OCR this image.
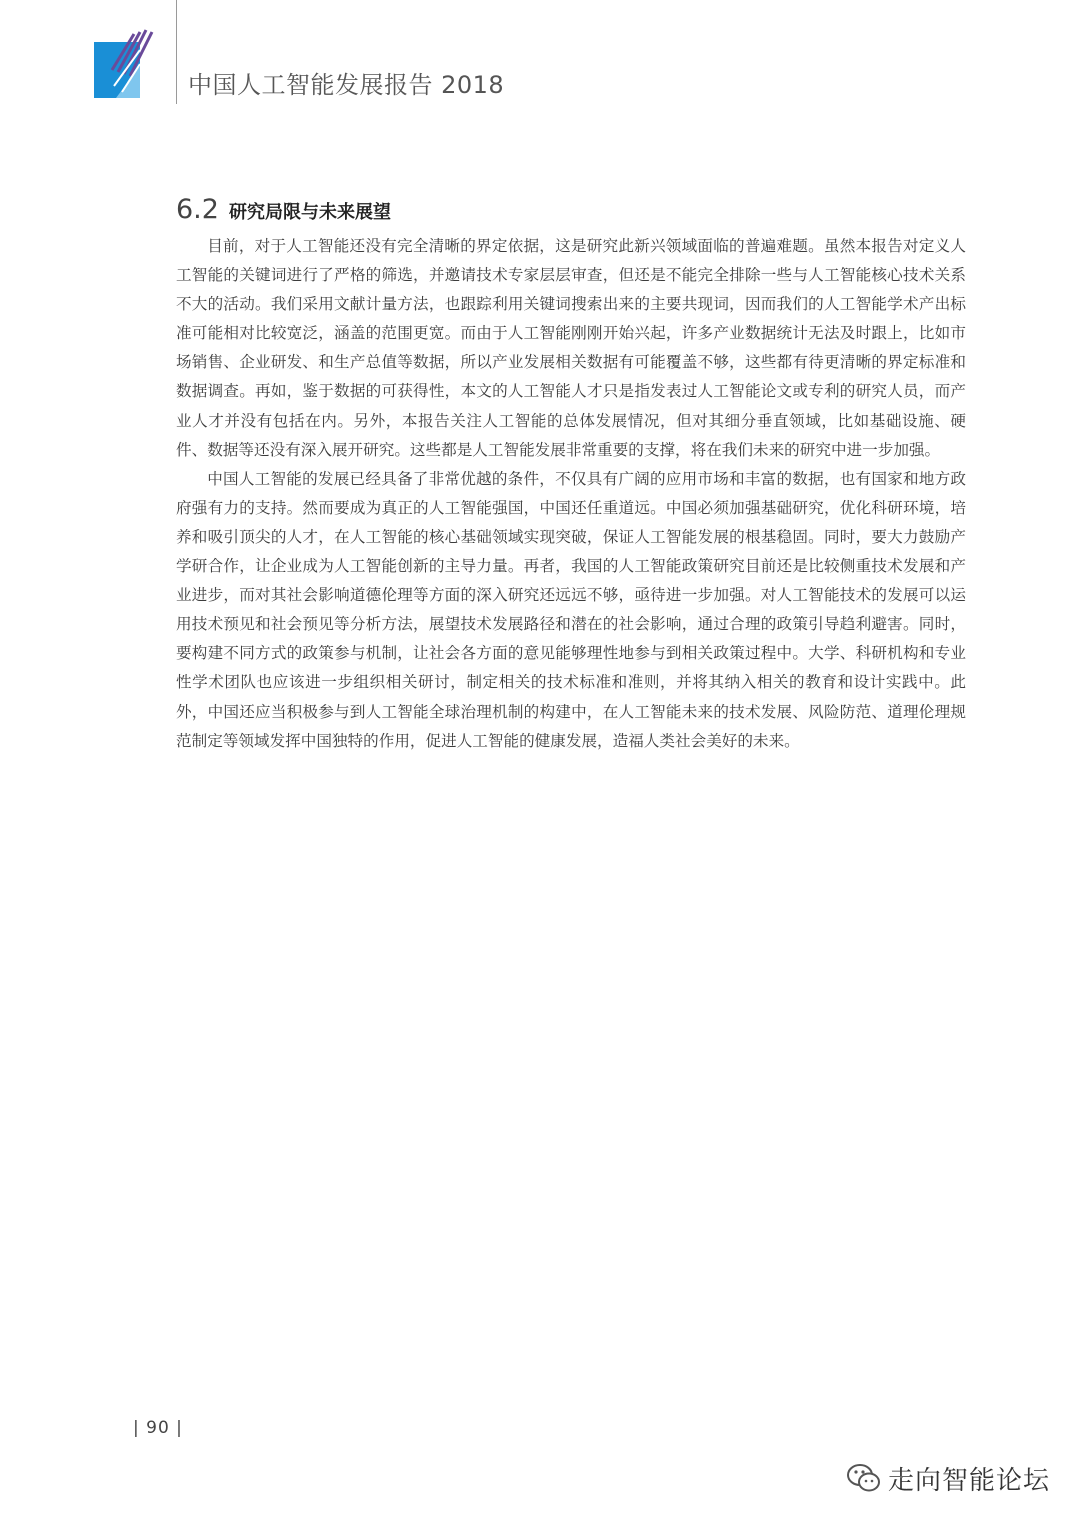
中国人工智能发展报告 2018
6.2 研究局限与未来展望

目前，对于人工智能还没有完全清晰的界定依据，这是研究此新兴领域面临的普遍难题。虽然本报告对定义人工智能的关键词进行了严格的筛选，并邀请技术专家层层审查，但还是不能完全排除一些与人工智能核心技术关系不大的活动。我们采用文献计量方法，也跟踪利用关键词搜索出来的主要共现词，因而我们的人工智能学术产出标准可能相对比较宽泛，涵盖的范围更宽。而由于人工智能刚刚开始兴起，许多产业数据统计无法及时跟上，比如市场销售、企业研发、和生产总值等数据，所以产业发展相关数据有可能覆盖不够，这些都有待更清晰的界定标准和数据调查。再如，鉴于数据的可获得性，本文的人工智能人才只是指发表过人工智能论文或专利的研究人员，而产业人才并没有包括在内。另外，本报告关注人工智能的总体发展情况，但对其细分垂直领域，比如基础设施、硬件、数据等还没有深入展开研究。这些都是人工智能发展非常重要的支撑，将在我们未来的研究中进一步加强。

中国人工智能的发展已经具备了非常优越的条件，不仅具有广阔的应用市场和丰富的数据，也有国家和地方政府强有力的支持。然而要成为真正的人工智能强国，中国还任重道远。中国必须加强基础研究，优化科研环境，培养和吸引顶尖的人才，在人工智能的核心基础领域实现突破，保证人工智能发展的根基稳固。同时，要大力鼓励产学研合作，让企业成为人工智能创新的主导力量。再者，我国的人工智能政策研究目前还是比较侧重技术发展和产业进步，而对其社会影响道德伦理等方面的深入研究还远远不够，亟待进一步加强。对人工智能技术的发展可以运用技术预见和社会预见等分析方法，展望技术发展路径和潜在的社会影响，通过合理的政策引导趋利避害。同时，要构建不同方式的政策参与机制，让社会各方面的意见能够理性地参与到相关政策过程中。大学、科研机构和专业性学术团队也应该进一步组织相关研讨，制定相关的技术标准和准则，并将其纳入相关的教育和设计实践中。此外，中国还应当积极参与到人工智能全球治理机制的构建中，在人工智能未来的技术发展、风险防范、道理伦理规范制定等领域发挥中国独特的作用，促进人工智能的健康发展，造福人类社会美好的未来。

| 90 |
走向智能论坛
